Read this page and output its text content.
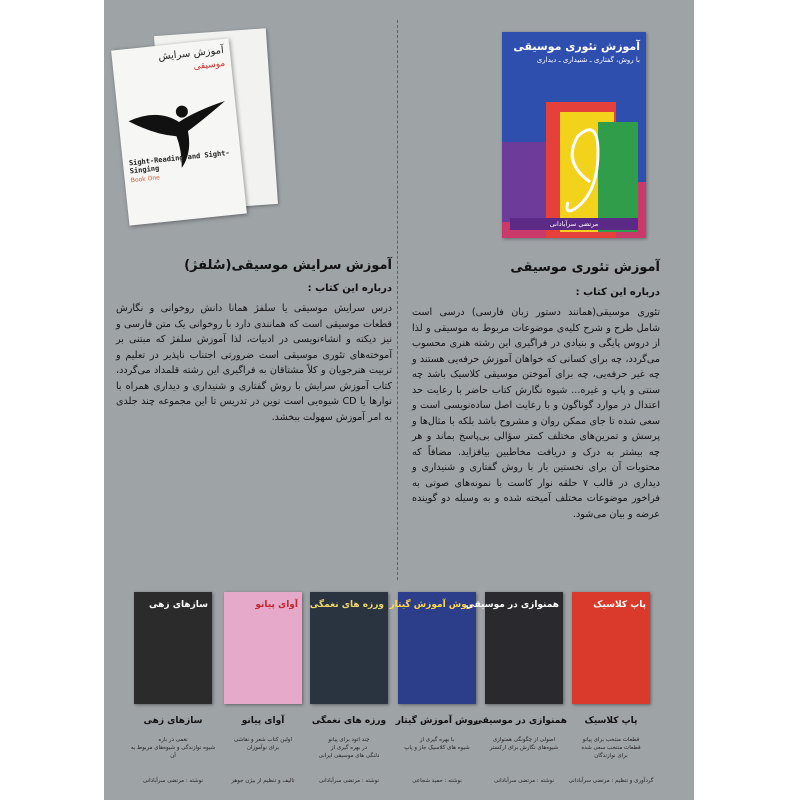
آموزش سرایش
موسیقی
Sight-Reading and Sight-Singing
Book One
آموزش تئوری موسیقی
با روش، گفتاری ـ شنیداری ـ دیداری
مرتضی سرآبادانی
آموزش سرایش موسیقی(سُلفژ)
درباره این کتاب :
درس سرایش موسیقی یا سلفژ همانا دانش روخوانی و نگارش قطعات موسیقی است که همانندی دارد با روخوانی یک متن فارسی و نیز دیکته و انشاء‌نویسی در ادبیات، لذا آموزش سلفژ که مبتنی بر آموخته‌های تئوری موسیقی است ضرورتی اجتناب ناپذیر در تعلیم و تربیت هنرجویان و کلاً مشتاقان به فراگیری این رشته قلمداد می‌گردد، کتاب آموزش سرایش با روش گفتاری و شنیداری و دیداری همراه با نوارها یا CD شیوه‌یی است نوین در تدریس تا این مجموعه چند جلدی به امر آموزش سهولت ببخشد.
آموزش تئوری موسیقی
درباره این کتاب :
تئوری موسیقی(همانند دستور زبان فارسی) درسی است شامل طرح و شرح کلیه‌ی موضوعات مربوط به موسیقی و لذا از دروس پایگی و بنیادی در فراگیری این رشته هنری محسوب می‌گردد، چه برای کسانی که خواهان آموزش حرفه‌یی هستند و چه غیر حرفه‌یی، چه برای آموختن موسیقی کلاسیک باشد چه سنتی و پاپ و غیره... شیوه نگارش کتاب حاضر با رعایت حد اعتدال در موارد گوناگون و با رعایت اصل ساده‌نویسی است و سعی شده تا جای ممکن روان و مشروح باشد بلکه با مثال‌ها و پرسش و تمرین‌های مختلف کمتر سؤالی بی‌پاسخ بماند و هر چه بیشتر به درک و دریافت مخاطبین بیافزاید. مضافاً که محتویات آن برای نخستین بار با روش گفتاری و شنیداری و دیداری در قالب ۷ حلقه نوار کاست با نمونه‌های صوتی به فراخور موضوعات مختلف آمیخته شده و به وسیله دو گوینده عرضه و بیان می‌شود.
سازهای زهی
سازهای زهی
نغمی در باره
شیوه نوازندگی و شیوه‌های مربوط به آن
نوشته : مرتضی سرآبادانی
آوای پیانو
آوای پیانو
اولین کتاب شعر و نقاشی
برای نوآموزان
تالیف و تنظیم از بیژن جوهر
ورزه های نغمگی
ورزه های نغمگی
چند اتود برای پیانو
در بهره گیری از
دلنگی های موسیقی ایرانی
نوشته : مرتضی سرآبادانی
روش آموزش گیتار
روش آموزش گیتار
با بهره گیری از
شیوه های کلاسیک جاز و پاپ
نوشته : حمید شجاعی
همنوازی در موسیقی
همنوازی در موسیقی
اصولی از چگونگی همنوازی
شیوه‌های نگارش برای ارکستر
نوشته : مرتضی سرآبادانی
پاپ کلاسیک
پاپ کلاسیک
قطعات منتخب برای پیانو
قطعات منتخب سعی شده
برای نوازندگان
گردآوری و تنظیم : مرتضی سرآبادانی
